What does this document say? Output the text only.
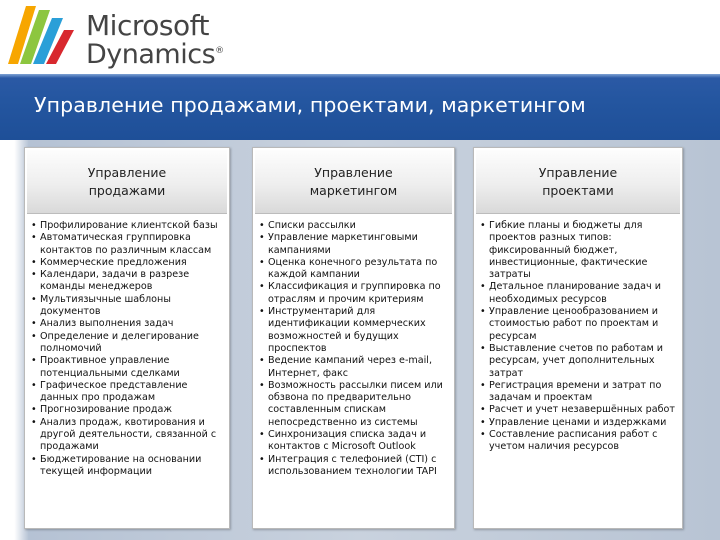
Microsoft
Dynamics®
Управление продажами, проектами, маркетингом
Управление
продажами
• Профилирование клиентской базы
• Автоматическая группировка контактов по различным классам
• Коммерческие предложения
• Календари, задачи в разрезе команды менеджеров
• Мультиязычные шаблоны документов
• Анализ выполнения задач
• Определение и делегирование полномочий
• Проактивное управление потенциальными сделками
• Графическое представление данных про продажам
• Прогнозирование продаж
• Анализ продаж, квотирования и другой деятельности, связанной с продажами
• Бюджетирование на основании текущей информации
Управление
маркетингом
• Списки рассылки
• Управление маркетинговыми кампаниями
• Оценка конечного результата по каждой кампании
• Классификация и группировка по отраслям и прочим критериям
• Инструментарий для идентификации коммерческих возможностей и будущих проспектов
• Ведение кампаний через e-mail, Интернет, факс
• Возможность рассылки писем или обзвона по предварительно составленным спискам непосредственно из системы
• Синхронизация списка задач и контактов с Microsoft Outlook
• Интеграция с телефонией (CTI) с использованием технологии TAPI
Управление
проектами
• Гибкие планы и бюджеты для проектов разных типов: фиксированный бюджет, инвестиционные, фактические затраты
• Детальное планирование задач и необходимых ресурсов
• Управление ценообразованием и стоимостью работ по проектам и ресурсам
• Выставление счетов по работам и ресурсам, учет дополнительных затрат
• Регистрация времени и затрат по задачам и проектам
• Расчет и учет незавершённых работ
• Управление ценами и издержками
• Составление расписания работ с учетом наличия ресурсов
